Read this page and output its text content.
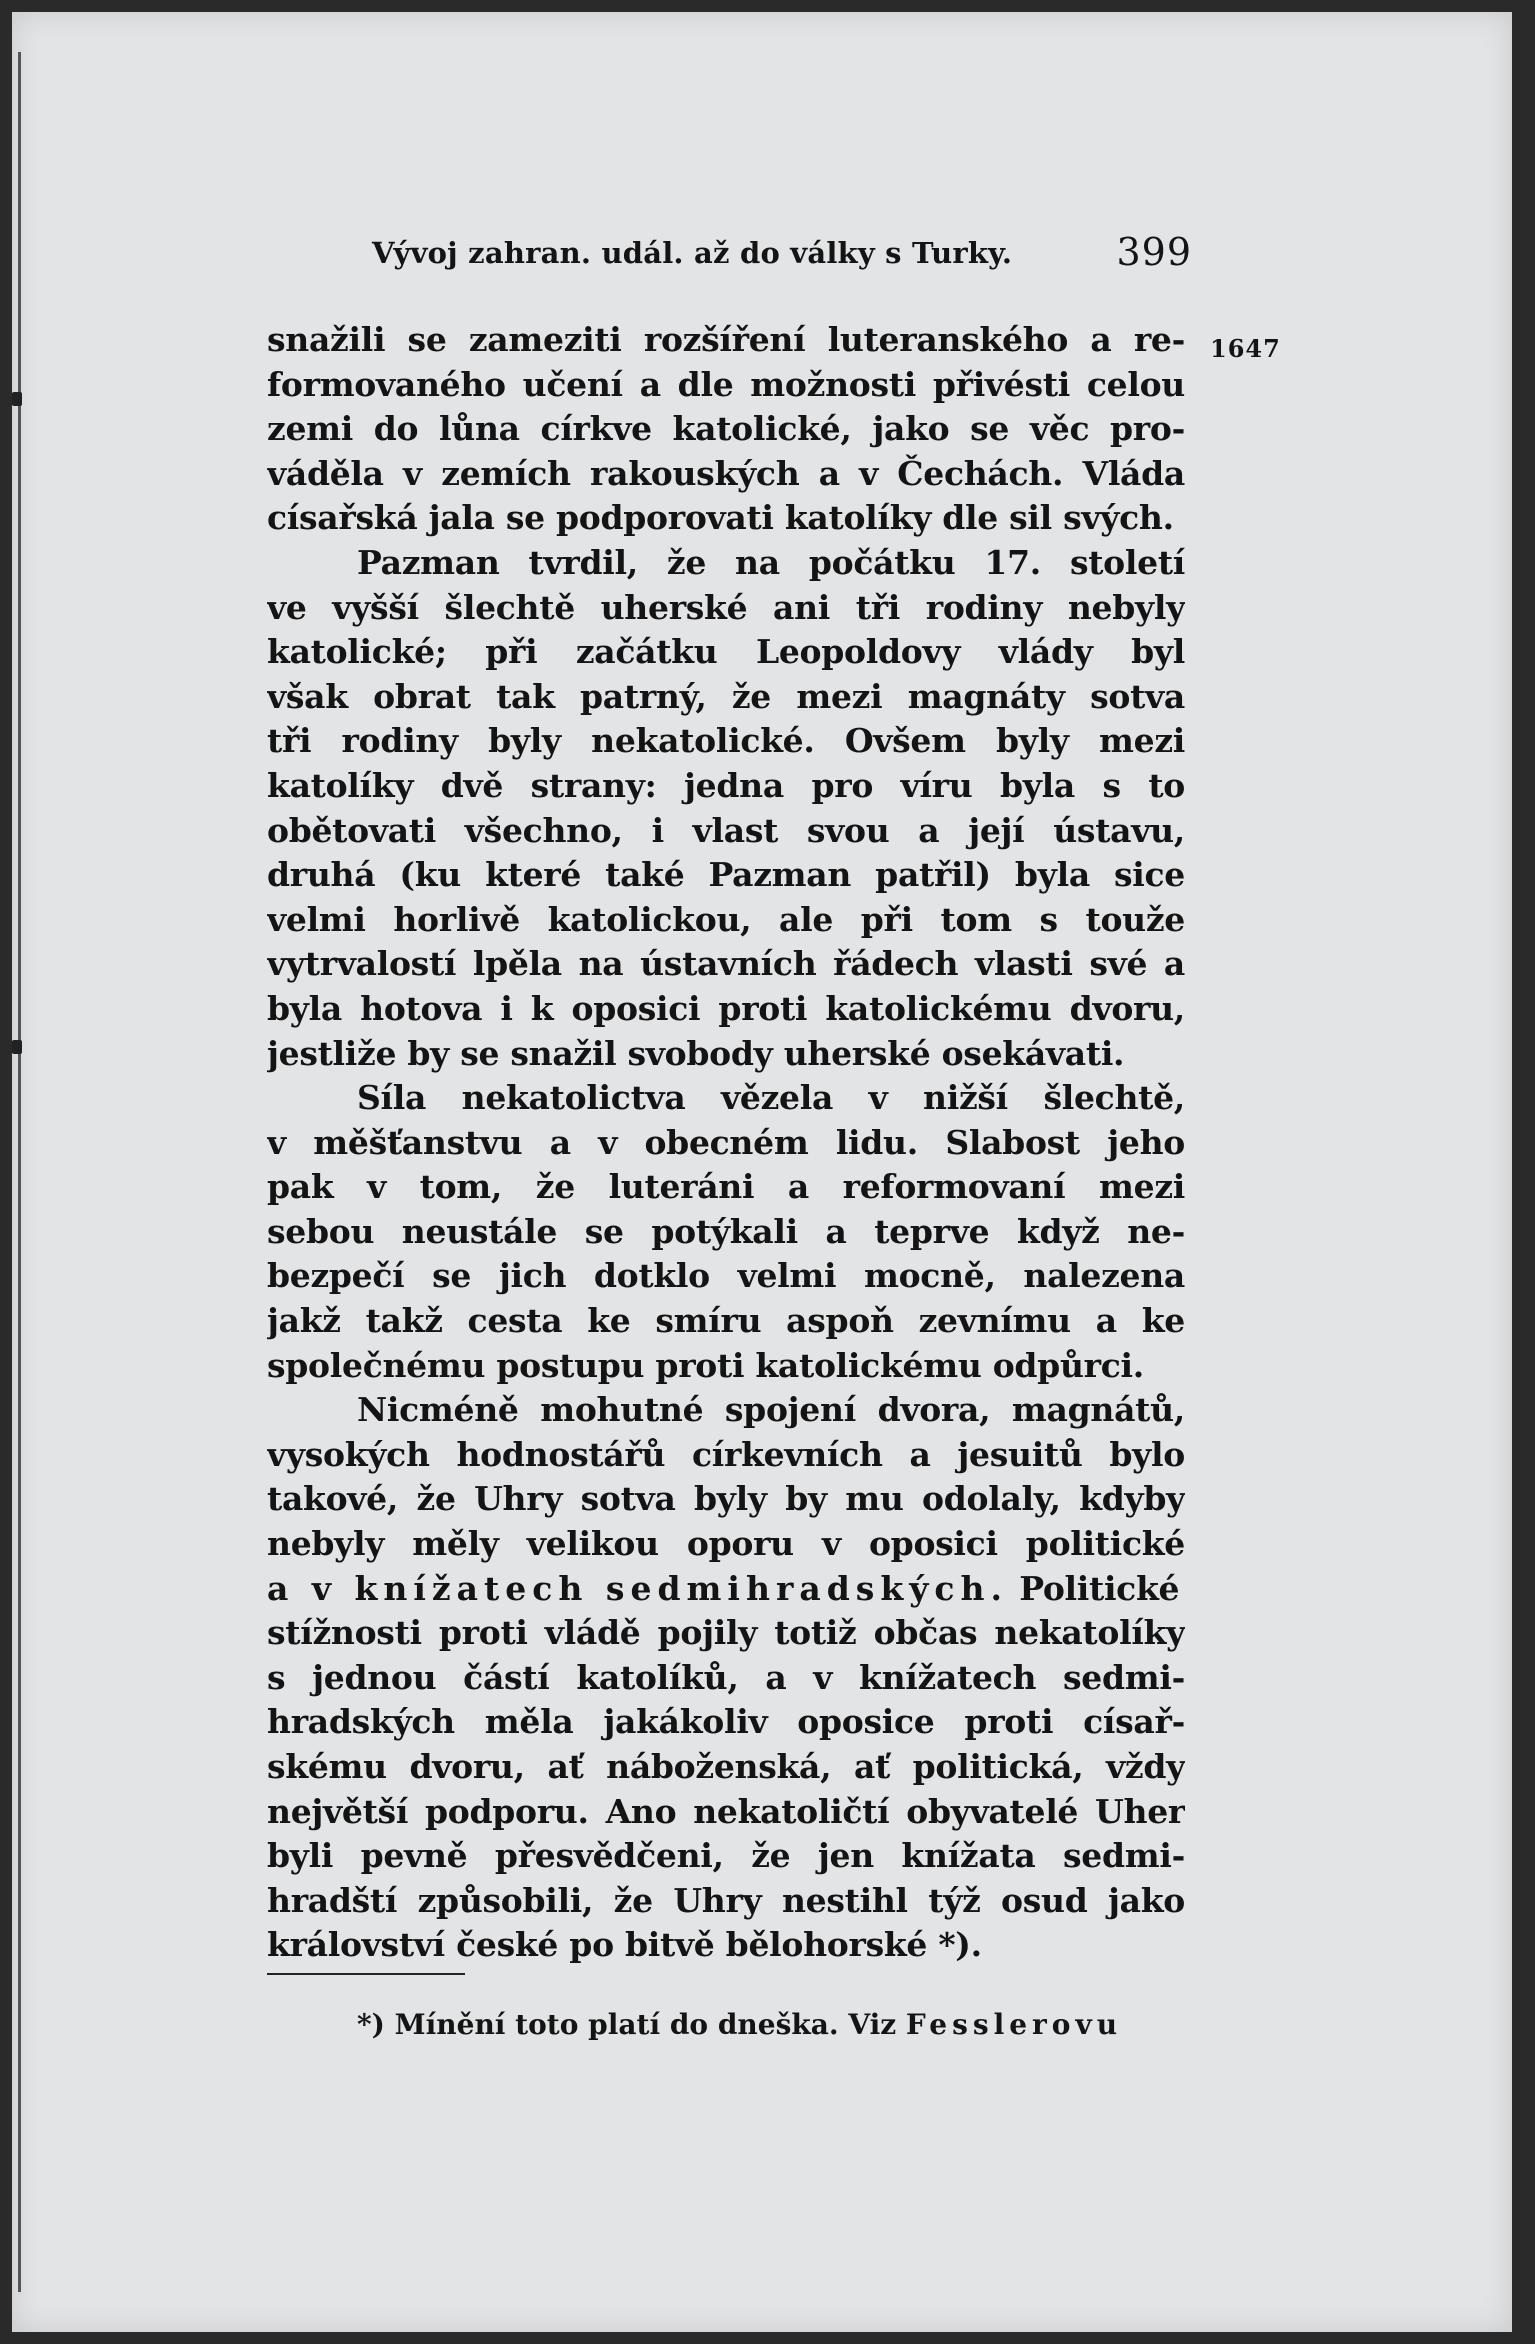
Vývoj zahran. udál. až do války s Turky.	399
1647
snažili se zameziti rozšíření luteranského a re-
formovaného učení a dle možnosti přivésti celou
zemi do lůna církve katolické, jako se věc pro-
váděla v zemích rakouských a v Čechách. Vláda
císařská jala se podporovati katolíky dle sil svých.
Pazman tvrdil, že na počátku 17. století
ve vyšší šlechtě uherské ani tři rodiny nebyly
katolické; při začátku Leopoldovy vlády byl
však obrat tak patrný, že mezi magnáty sotva
tři rodiny byly nekatolické. Ovšem byly mezi
katolíky dvě strany: jedna pro víru byla s to
obětovati všechno, i vlast svou a její ústavu,
druhá (ku které také Pazman patřil) byla sice
velmi horlivě katolickou, ale při tom s touže
vytrvalostí lpěla na ústavních řádech vlasti své a
byla hotova i k oposici proti katolickému dvoru,
jestliže by se snažil svobody uherské osekávati.
Síla nekatolictva vězela v nižší šlechtě,
v měšťanstvu a v obecném lidu. Slabost jeho
pak v tom, že luteráni a reformovaní mezi
sebou neustále se potýkali a teprve když ne-
bezpečí se jich dotklo velmi mocně, nalezena
jakž takž cesta ke smíru aspoň zevnímu a ke
společnému postupu proti katolickému odpůrci.
Nicméně mohutné spojení dvora, magnátů,
vysokých hodnostářů církevních a jesuitů bylo
takové, že Uhry sotva byly by mu odolaly, kdyby
nebyly měly velikou oporu v oposici politické
a v knížatech sedmihradských. Politické
stížnosti proti vládě pojily totiž občas nekatolíky
s jednou částí katolíků, a v knížatech sedmi-
hradských měla jakákoliv oposice proti císař-
skému dvoru, ať náboženská, ať politická, vždy
největší podporu. Ano nekatoličtí obyvatelé Uher
byli pevně přesvědčeni, že jen knížata sedmi-
hradští způsobili, že Uhry nestihl týž osud jako
království české po bitvě bělohorské *).
*) Mínění toto platí do dneška. Viz Fesslerovu
